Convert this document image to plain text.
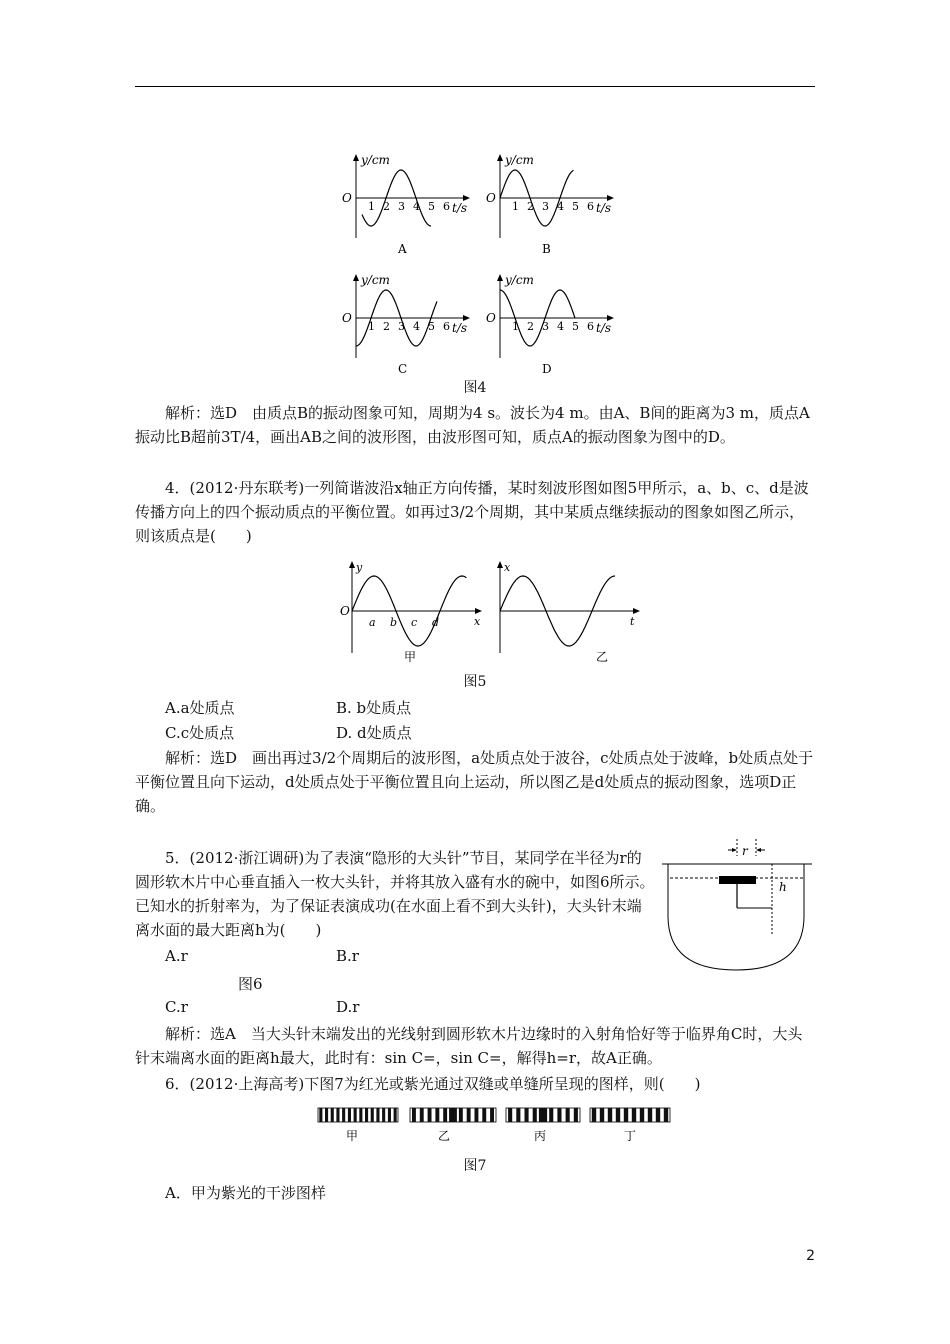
y/cm
O
t/s
1 2 3 4 5 6
A
y/cm
O
t/s
1 2 3 4 5 6
B
y/cm
O
t/s
1 2 3 4 5 6
C
y/cm
O
t/s
1 2 3 4 5 6
D
图4

解析：选D　由质点B的振动图象可知，周期为4 s。波长为4 m。由A、B间的距离为3 m，质点A振动比B超前3T/4，画出AB之间的波形图，由波形图可知，质点A的振动图象为图中的D。

4．(2012·丹东联考)一列简谐波沿x轴正方向传播，某时刻波形图如图5甲所示，a、b、c、d是波传播方向上的四个振动质点的平衡位置。如再过3/2个周期，其中某质点继续振动的图象如图乙所示，则该质点是(　　)

y
O
x
a b c d
甲
x
t
乙
图5
A.a处质点	B. b处质点
C.c处质点	D. d处质点

解析：选D　画出再过3/2个周期后的波形图，a处质点处于波谷，c处质点处于波峰，b处质点处于平衡位置且向下运动，d处质点处于平衡位置且向上运动，所以图乙是d处质点的振动图象，选项D正确。

5．(2012·浙江调研)为了表演“隐形的大头针”节目，某同学在半径为r的圆形软木片中心垂直插入一枚大头针，并将其放入盛有水的碗中，如图6所示。已知水的折射率为，为了保证表演成功(在水面上看不到大头针)，大头针末端离水面的最大距离h为(　　)

r
h
A.r	B.r
图6
C.r	D.r

解析：选A　当大头针末端发出的光线射到圆形软木片边缘时的入射角恰好等于临界角C时，大头针末端离水面的距离h最大，此时有：sin C=，sin C=，解得h=r，故A正确。

6．(2012·上海高考)下图7为红光或紫光通过双缝或单缝所呈现的图样，则(　　)

甲	乙	丙	丁
图7
A．甲为紫光的干涉图样
2
